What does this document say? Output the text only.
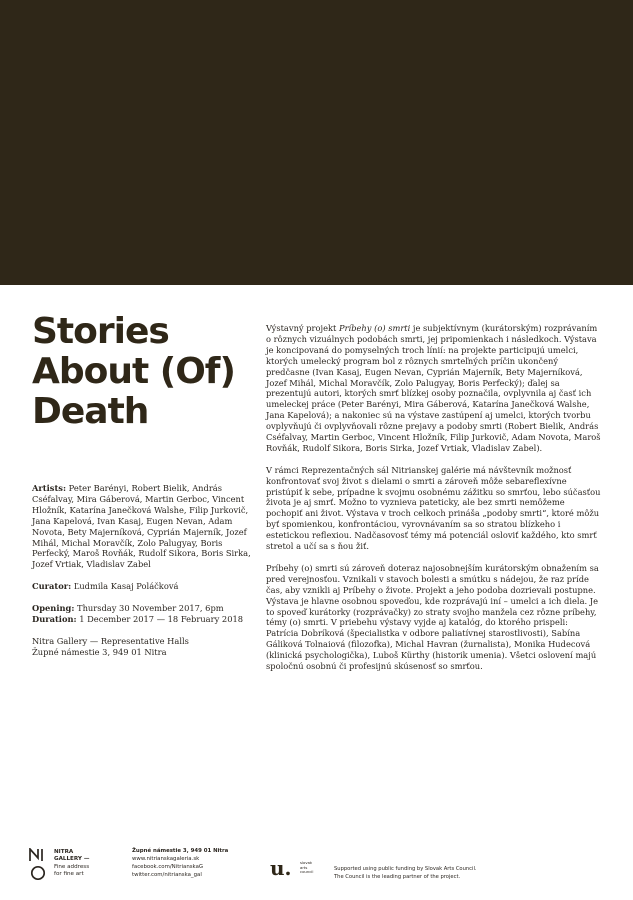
Stories
About (Of)
Death

Artists: Peter Barényi, Robert Bielik, András Cséfalvay, Mira Gáberová, Martin Gerboc, Vincent Hložník, Katarína Janečková Walshe, Filip Jurkovič, Jana Kapelová, Ivan Kasaj, Eugen Nevan, Adam Novota, Bety Majerníková, Cyprián Majerník, Jozef Mihál, Michal Moravčík, Zolo Palugyay, Boris Perfecký, Maroš Rovňák, Rudolf Sikora, Boris Sirka, Jozef Vrtiak, Vladislav Zabel

Curator: Ľudmila Kasaj Poláčková

Opening: Thursday 30 November 2017, 6pm
Duration: 1 December 2017 — 18 February 2018

Nitra Gallery — Representative Halls
Župné námestie 3, 949 01 Nitra

Výstavný projekt Príbehy (o) smrti je subjektívnym (kurátorským) rozprávaním o rôznych vizuálnych podobách smrti, jej pripomienkach i následkoch. Výstava je koncipovaná do pomyselných troch línií: na projekte participujú umelci, ktorých umelecký program bol z rôznych smrteľných príčin ukončený predčasne (Ivan Kasaj, Eugen Nevan, Cyprián Majerník, Bety Majerníková, Jozef Mihál, Michal Moravčík, Zolo Palugyay, Boris Perfecký); ďalej sa prezentujú autori, ktorých smrť blízkej osoby poznačila, ovplyvnila aj časť ich umeleckej práce (Peter Barényi, Mira Gáberová, Katarína Janečková Walshe, Jana Kapelová); a nakoniec sú na výstave zastúpení aj umelci, ktorých tvorbu ovplyvňujú či ovplyvňovali rôzne prejavy a podoby smrti (Robert Bielik, András Cséfalvay, Martin Gerboc, Vincent Hložník, Filip Jurkovič, Adam Novota, Maroš Rovňák, Rudolf Sikora, Boris Sirka, Jozef Vrtiak, Vladislav Zabel).

V rámci Reprezentačných sál Nitrianskej galérie má návštevník možnosť konfrontovať svoj život s dielami o smrti a zároveň môže sebareflexívne pristúpiť k sebe, prípadne k svojmu osobnému zážitku so smrťou, lebo súčasťou života je aj smrť. Možno to vyznieva pateticky, ale bez smrti nemôžeme pochopiť ani život. Výstava v troch celkoch prináša „podoby smrti“, ktoré môžu byť spomienkou, konfrontáciou, vyrovnávaním sa so stratou blízkeho i estetickou reflexiou. Nadčasovosť témy má potenciál osloviť každého, kto smrť stretol a učí sa s ňou žiť.

Príbehy (o) smrti sú zároveň doteraz najosobnejším kurátorským obnažením sa pred verejnosťou. Vznikali v stavoch bolesti a smútku s nádejou, že raz príde čas, aby vznikli aj Príbehy o živote. Projekt a jeho podoba dozrievali postupne. Výstava je hlavne osobnou spoveďou, kde rozprávajú iní – umelci a ich diela. Je to spoveď kurátorky (rozprávačky) zo straty svojho manžela cez rôzne príbehy, témy (o) smrti. V priebehu výstavy vyjde aj katalóg, do ktorého prispeli: Patrícia Dobríková (špecialistka v odbore paliatívnej starostlivosti), Sabína Gáliková Tolnaiová (filozofka), Michal Havran (žurnalista), Monika Hudecová (klinická psychologička), Luboš Kürthy (historik umenia). Všetci oslovení majú spoločnú osobnú či profesijnú skúsenosť so smrťou.

NITRA
GALLERY —
Fine address
for fine art
Župné námestie 3, 949 01 Nitra
www.nitrianskagaleria.sk
facebook.com/NitrianskaG
twitter.com/nitrianska_gal	u. slovak
arts
council	Supported using public funding by Slovak Arts Council.
The Council is the leading partner of the project.
